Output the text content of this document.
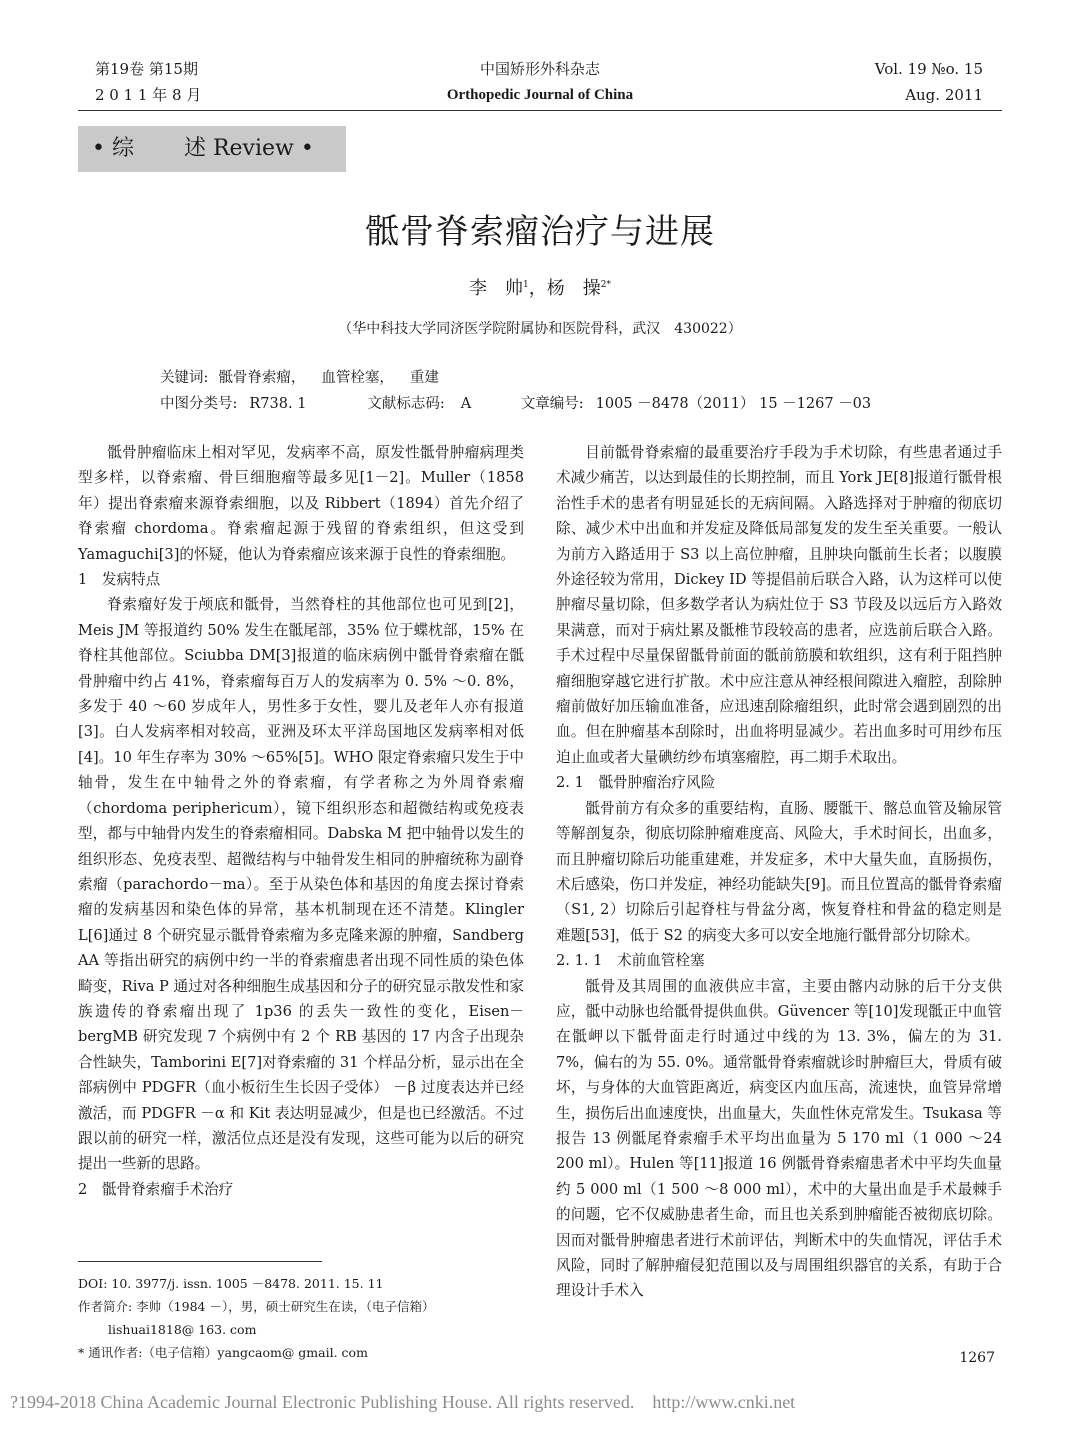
第19卷 第15期
2 0 1 1 年 8 月
中国矫形外科杂志
Orthopedic Journal of China
Vol. 19 №o. 15
Aug. 2011
• 综 述 Review •
骶骨脊索瘤治疗与进展
李　帅$^1$，杨　操$^{2*}$
（华中科技大学同济医学院附属协和医院骨科，武汉　430022）
关键词: 骶骨脊索瘤， 血管栓塞， 重建
中图分类号: R738. 1	文献标志码: A	文章编号: 1005 －8478（2011） 15 －1267 －03

骶骨肿瘤临床上相对罕见，发病率不高，原发性骶骨肿瘤病理类型多样，以脊索瘤、骨巨细胞瘤等最多见[1－2]。Muller（1858 年）提出脊索瘤来源脊索细胞，以及 Ribbert（1894）首先介绍了脊索瘤 chordoma。脊索瘤起源于残留的脊索组织，但这受到 Yamaguchi[3]的怀疑，他认为脊索瘤应该来源于良性的脊索细胞。

1　发病特点

脊索瘤好发于颅底和骶骨，当然脊柱的其他部位也可见到[2]，Meis JM 等报道约 50% 发生在骶尾部，35% 位于蝶枕部，15% 在脊柱其他部位。Sciubba DM[3]报道的临床病例中骶骨脊索瘤在骶骨肿瘤中约占 41%，脊索瘤每百万人的发病率为 0. 5% ～0. 8%，多发于 40 ～60 岁成年人，男性多于女性，婴儿及老年人亦有报道[3]。白人发病率相对较高，亚洲及环太平洋岛国地区发病率相对低[4]。10 年生存率为 30% ～65%[5]。WHO 限定脊索瘤只发生于中轴骨，发生在中轴骨之外的脊索瘤，有学者称之为外周脊索瘤（chordoma periphericum），镜下组织形态和超微结构或免疫表型，都与中轴骨内发生的脊索瘤相同。Dabska M 把中轴骨以发生的组织形态、免疫表型、超微结构与中轴骨发生相同的肿瘤统称为副脊索瘤（parachordo－ma）。至于从染色体和基因的角度去探讨脊索瘤的发病基因和染色体的异常，基本机制现在还不清楚。Klingler L[6]通过 8 个研究显示骶骨脊索瘤为多克隆来源的肿瘤，Sandberg AA 等指出研究的病例中约一半的脊索瘤患者出现不同性质的染色体畸变，Riva P 通过对各种细胞生成基因和分子的研究显示散发性和家族遗传的脊索瘤出现了 1p36 的丢失一致性的变化，Eisen－bergMB 研究发现 7 个病例中有 2 个 RB 基因的 17 内含子出现杂合性缺失，Tamborini E[7]对脊索瘤的 31 个样品分析，显示出在全部病例中 PDGFR（血小板衍生生长因子受体） －β 过度表达并已经激活，而 PDGFR －α 和 Kit 表达明显减少，但是也已经激活。不过跟以前的研究一样，激活位点还是没有发现，这些可能为以后的研究提出一些新的思路。

2　骶骨脊索瘤手术治疗

目前骶骨脊索瘤的最重要治疗手段为手术切除，有些患者通过手术减少痛苦，以达到最佳的长期控制，而且 York JE[8]报道行骶骨根治性手术的患者有明显延长的无病间隔。入路选择对于肿瘤的彻底切除、减少术中出血和并发症及降低局部复发的发生至关重要。一般认为前方入路适用于 S3 以上高位肿瘤，且肿块向骶前生长者；以腹膜外途径较为常用，Dickey ID 等提倡前后联合入路，认为这样可以使肿瘤尽量切除，但多数学者认为病灶位于 S3 节段及以远后方入路效果满意，而对于病灶累及骶椎节段较高的患者，应选前后联合入路。手术过程中尽量保留骶骨前面的骶前筋膜和软组织，这有利于阻挡肿瘤细胞穿越它进行扩散。术中应注意从神经根间隙进入瘤腔，刮除肿瘤前做好加压输血准备，应迅速刮除瘤组织，此时常会遇到剧烈的出血。但在肿瘤基本刮除时，出血将明显减少。若出血多时可用纱布压迫止血或者大量碘纺纱布填塞瘤腔，再二期手术取出。

2. 1　骶骨肿瘤治疗风险

骶骨前方有众多的重要结构，直肠、腰骶干、髂总血管及输尿管等解剖复杂，彻底切除肿瘤难度高、风险大，手术时间长，出血多，而且肿瘤切除后功能重建难，并发症多，术中大量失血，直肠损伤，术后感染，伤口并发症，神经功能缺失[9]。而且位置高的骶骨脊索瘤（S1, 2）切除后引起脊柱与骨盆分离，恢复脊柱和骨盆的稳定则是难题[53]，低于 S2 的病变大多可以安全地施行骶骨部分切除术。

2. 1. 1　术前血管栓塞

骶骨及其周围的血液供应丰富，主要由髂内动脉的后干分支供应，骶中动脉也给骶骨提供血供。Güvencer 等[10]发现骶正中血管在骶岬以下骶骨面走行时通过中线的为 13. 3%，偏左的为 31. 7%，偏右的为 55. 0%。通常骶骨脊索瘤就诊时肿瘤巨大，骨质有破坏，与身体的大血管距离近，病变区内血压高，流速快，血管异常增生，损伤后出血速度快，出血量大，失血性休克常发生。Tsukasa 等报告 13 例骶尾脊索瘤手术平均出血量为 5 170 ml（1 000 ～24 200 ml）。Hulen 等[11]报道 16 例骶骨脊索瘤患者术中平均失血量约 5 000 ml（1 500 ～8 000 ml），术中的大量出血是手术最棘手的问题，它不仅威胁患者生命，而且也关系到肿瘤能否被彻底切除。因而对骶骨肿瘤患者进行术前评估，判断术中的失血情况，评估手术风险，同时了解肿瘤侵犯范围以及与周围组织器官的关系，有助于合理设计手术入

DOI: 10. 3977/j. issn. 1005 －8478. 2011. 15. 11
作者简介: 李帅（1984 －），男，硕士研究生在读，（电子信箱）
lishuai1818@ 163. com
* 通讯作者:（电子信箱）yangcaom@ gmail. com	1267
?1994-2018 China Academic Journal Electronic Publishing House. All rights reserved.　http://www.cnki.net
